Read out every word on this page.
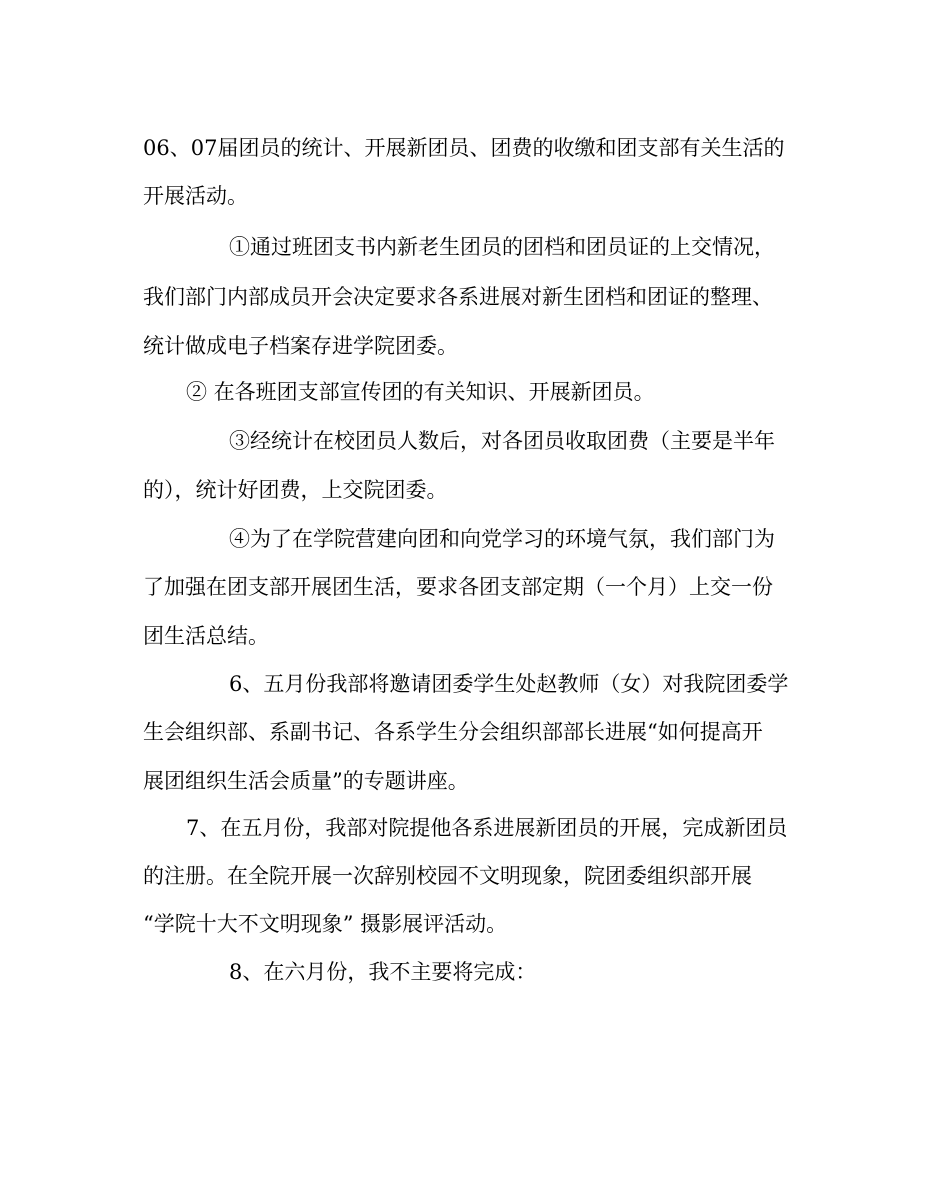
06、07届团员的统计、开展新团员、团费的收缴和团支部有关生活的
开展活动。
①通过班团支书内新老生团员的团档和团员证的上交情况，
我们部门内部成员开会决定要求各系进展对新生团档和团证的整理、
统计做成电子档案存进学院团委。
② 在各班团支部宣传团的有关知识、开展新团员。
③经统计在校团员人数后，对各团员收取团费（主要是半年
的），统计好团费，上交院团委。
④为了在学院营建向团和向党学习的环境气氛，我们部门为
了加强在团支部开展团生活，要求各团支部定期（一个月）上交一份
团生活总结。
6、五月份我部将邀请团委学生处赵教师（女）对我院团委学
生会组织部、系副书记、各系学生分会组织部部长进展“如何提高开
展团组织生活会质量”的专题讲座。
7、在五月份，我部对院提他各系进展新团员的开展，完成新团员
的注册。在全院开展一次辞别校园不文明现象，院团委组织部开展
“学院十大不文明现象” 摄影展评活动。
8、在六月份，我不主要将完成：
